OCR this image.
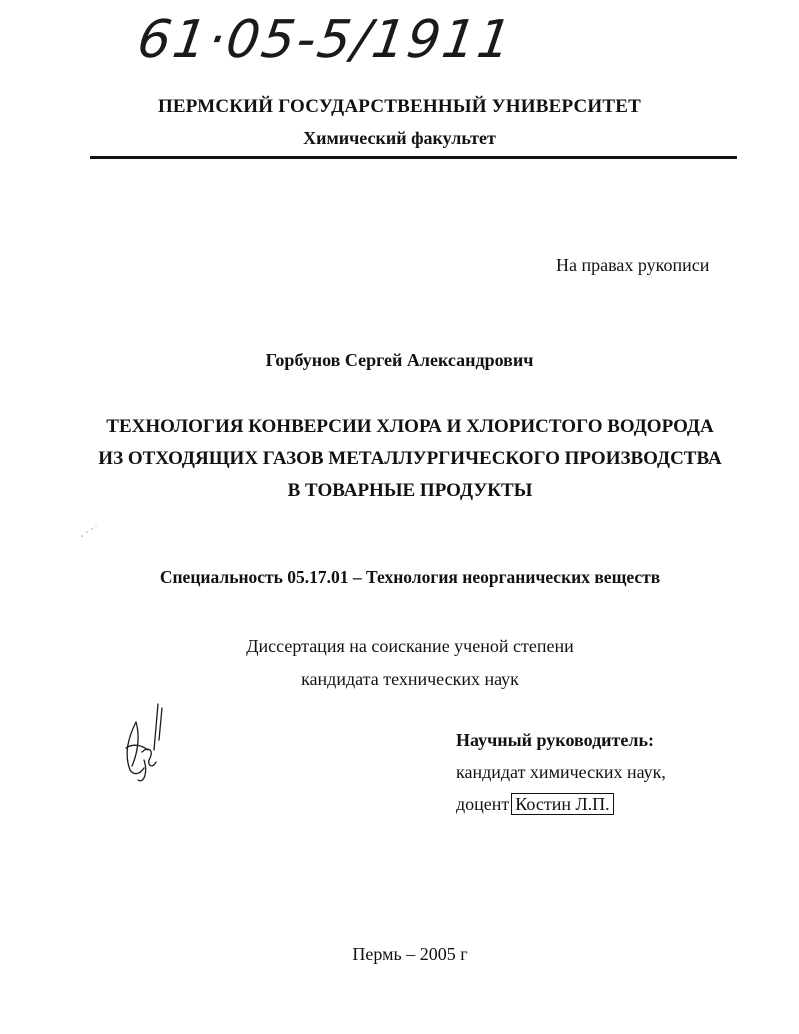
61·05-5/1911
ПЕРМСКИЙ ГОСУДАРСТВЕННЫЙ УНИВЕРСИТЕТ
Химический факультет
На правах рукописи
Горбунов Сергей Александрович
ТЕХНОЛОГИЯ КОНВЕРСИИ ХЛОРА И ХЛОРИСТОГО ВОДОРОДА
ИЗ ОТХОДЯЩИХ ГАЗОВ МЕТАЛЛУРГИЧЕСКОГО ПРОИЗВОДСТВА
В ТОВАРНЫЕ ПРОДУКТЫ
Специальность 05.17.01 – Технология неорганических веществ
Диссертация на соискание ученой степени
кандидата технических наук
Научный руководитель:
кандидат химических наук,
доцент Костин Л.П.
Пермь – 2005 г
